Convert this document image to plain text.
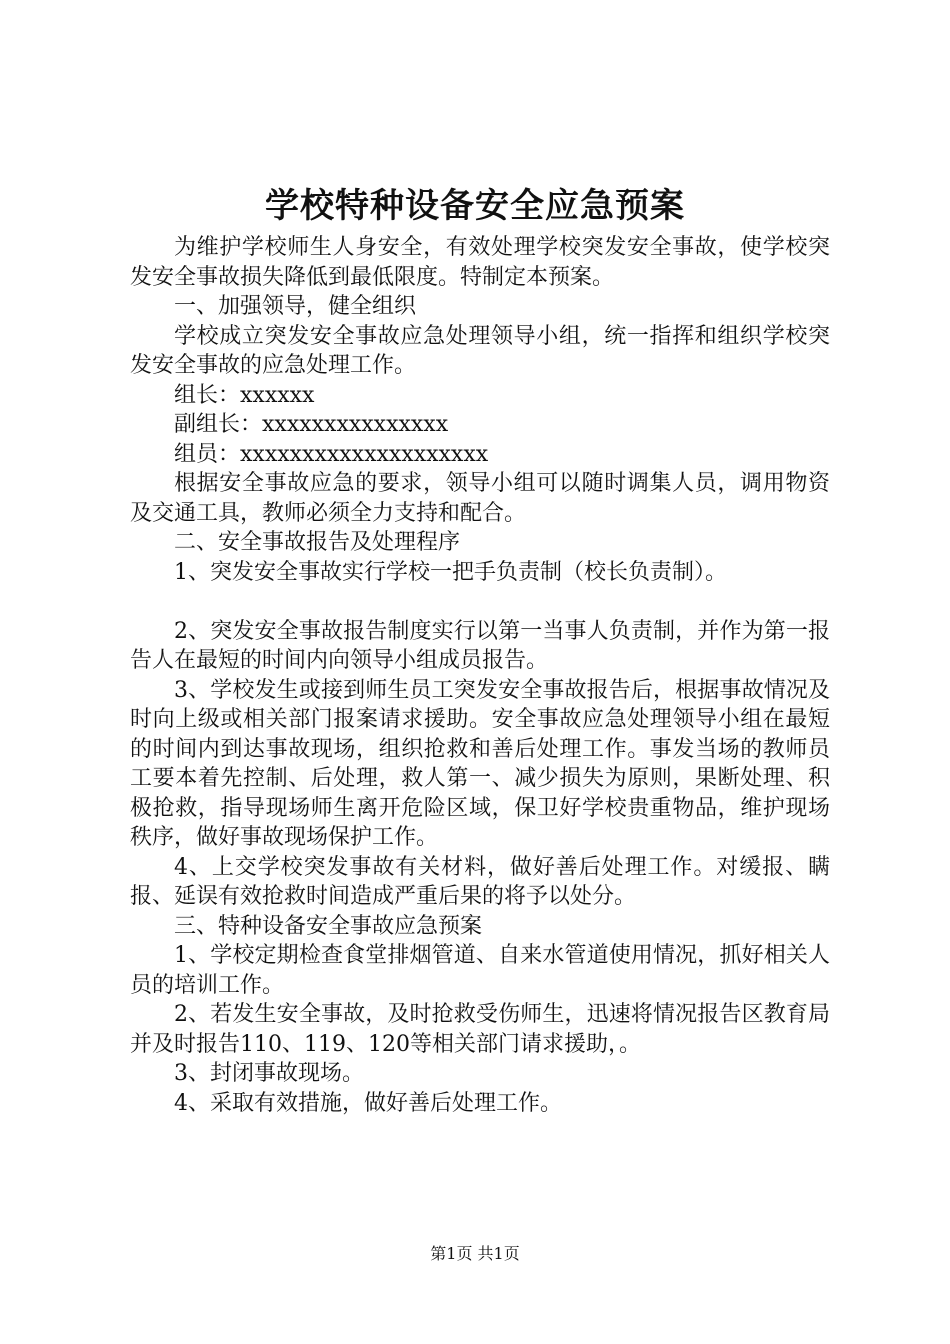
学校特种设备安全应急预案

为维护学校师生人身安全，有效处理学校突发安全事故，使学校突发安全事故损失降低到最低限度。特制定本预案。

一、加强领导，健全组织

学校成立突发安全事故应急处理领导小组，统一指挥和组织学校突发安全事故的应急处理工作。

组长：xxxxxx

副组长：xxxxxxxxxxxxxxx

组员：xxxxxxxxxxxxxxxxxxxx

根据安全事故应急的要求，领导小组可以随时调集人员，调用物资及交通工具，教师必须全力支持和配合。

二、安全事故报告及处理程序

1、突发安全事故实行学校一把手负责制（校长负责制）。

2、突发安全事故报告制度实行以第一当事人负责制，并作为第一报告人在最短的时间内向领导小组成员报告。

3、学校发生或接到师生员工突发安全事故报告后，根据事故情况及时向上级或相关部门报案请求援助。安全事故应急处理领导小组在最短的时间内到达事故现场，组织抢救和善后处理工作。事发当场的教师员工要本着先控制、后处理，救人第一、减少损失为原则，果断处理、积极抢救，指导现场师生离开危险区域，保卫好学校贵重物品，维护现场秩序，做好事故现场保护工作。

4、上交学校突发事故有关材料，做好善后处理工作。对缓报、瞒报、延误有效抢救时间造成严重后果的将予以处分。

三、特种设备安全事故应急预案

1、学校定期检查食堂排烟管道、自来水管道使用情况，抓好相关人员的培训工作。

2、若发生安全事故，及时抢救受伤师生，迅速将情况报告区教育局并及时报告110、119、120等相关部门请求援助，。

3、封闭事故现场。

4、采取有效措施，做好善后处理工作。

第1页 共1页
